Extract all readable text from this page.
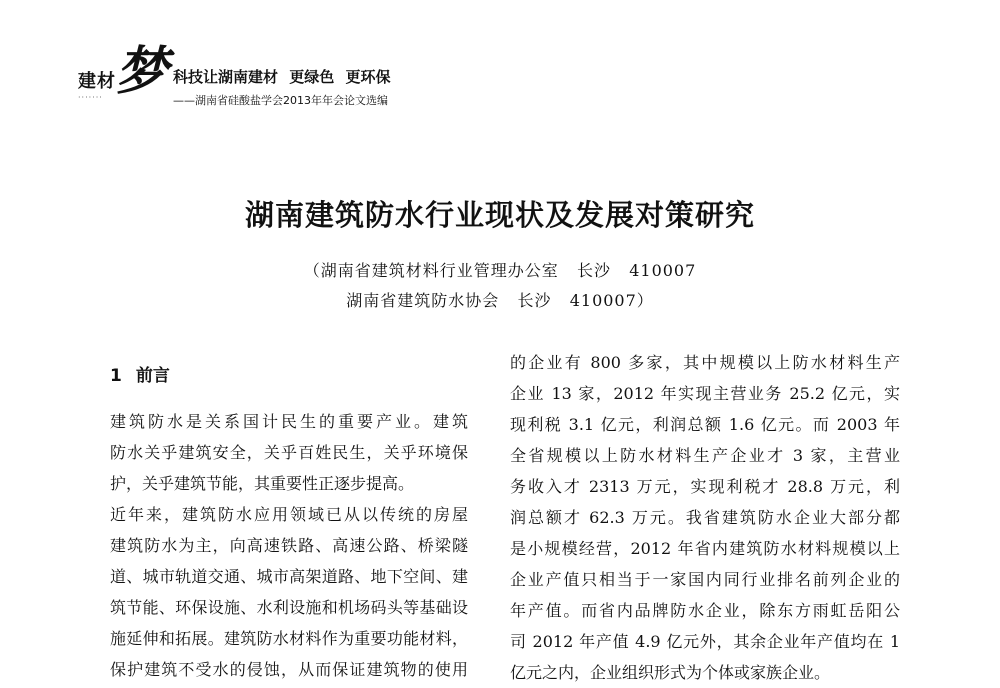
建材
梦
·······
科技让湖南建材 更绿色 更环保
——湖南省硅酸盐学会2013年年会论文选编
湖南建筑防水行业现状及发展对策研究
（湖南省建筑材料行业管理办公室   长沙   410007
湖南省建筑防水协会   长沙   410007）
1 前言
建筑防水是关系国计民生的重要产业。建筑
防水关乎建筑安全，关乎百姓民生，关乎环境保
护，关乎建筑节能，其重要性正逐步提高。
近年来，建筑防水应用领域已从以传统的房屋
建筑防水为主，向高速铁路、高速公路、桥梁隧
道、城市轨道交通、城市高架道路、地下空间、建
筑节能、环保设施、水利设施和机场码头等基础设
施延伸和拓展。建筑防水材料作为重要功能材料，
保护建筑不受水的侵蚀，从而保证建筑物的使用
的企业有 800 多家，其中规模以上防水材料生产
企业 13 家，2012 年实现主营业务 25.2 亿元，实
现利税 3.1 亿元，利润总额 1.6 亿元。而 2003 年
全省规模以上防水材料生产企业才 3 家，主营业
务收入才 2313 万元，实现利税才 28.8 万元，利
润总额才 62.3 万元。我省建筑防水企业大部分都
是小规模经营，2012 年省内建筑防水材料规模以上
企业产值只相当于一家国内同行业排名前列企业的
年产值。而省内品牌防水企业，除东方雨虹岳阳公
司 2012 年产值 4.9 亿元外，其余企业年产值均在 1
亿元之内，企业组织形式为个体或家族企业。
